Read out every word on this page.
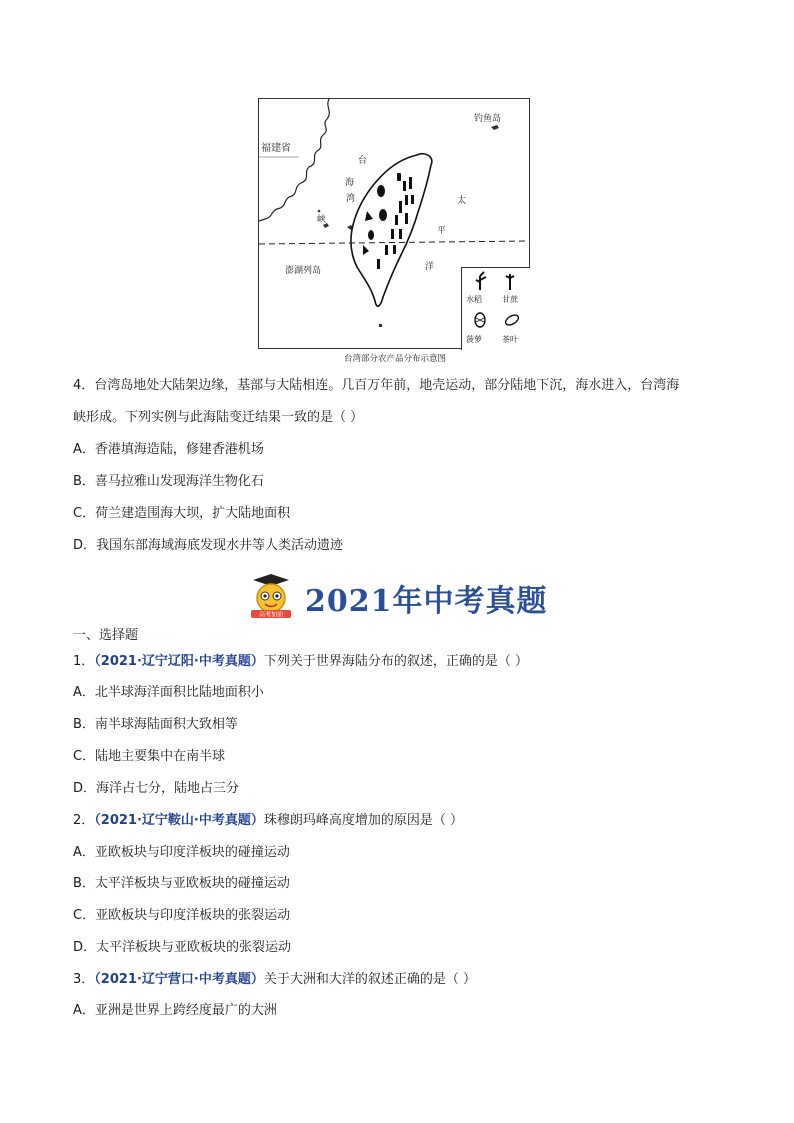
福建省
钓鱼岛
台
海
湾
峡
太
平
洋
澎湖列岛
水稻	甘蔗
菠萝	茶叶
台湾部分农产品分布示意图
4．台湾岛地处大陆架边缘，基部与大陆相连。几百万年前，地壳运动，部分陆地下沉，海水进入，台湾海
峡形成。下列实例与此海陆变迁结果一致的是（ ）
A．香港填海造陆，修建香港机场
B．喜马拉雅山发现海洋生物化石
C．荷兰建造围海大坝，扩大陆地面积
D．我国东部海域海底发现水井等人类活动遗迹
高考加油 2021年中考真题
一、选择题
1．（2021·辽宁辽阳·中考真题）下列关于世界海陆分布的叙述，正确的是（ ）
A．北半球海洋面积比陆地面积小
B．南半球海陆面积大致相等
C．陆地主要集中在南半球
D．海洋占七分，陆地占三分
2．（2021·辽宁鞍山·中考真题）珠穆朗玛峰高度增加的原因是（ ）
A．亚欧板块与印度洋板块的碰撞运动
B．太平洋板块与亚欧板块的碰撞运动
C．亚欧板块与印度洋板块的张裂运动
D．太平洋板块与亚欧板块的张裂运动
3．（2021·辽宁营口·中考真题）关于大洲和大洋的叙述正确的是（ ）
A．亚洲是世界上跨经度最广的大洲
